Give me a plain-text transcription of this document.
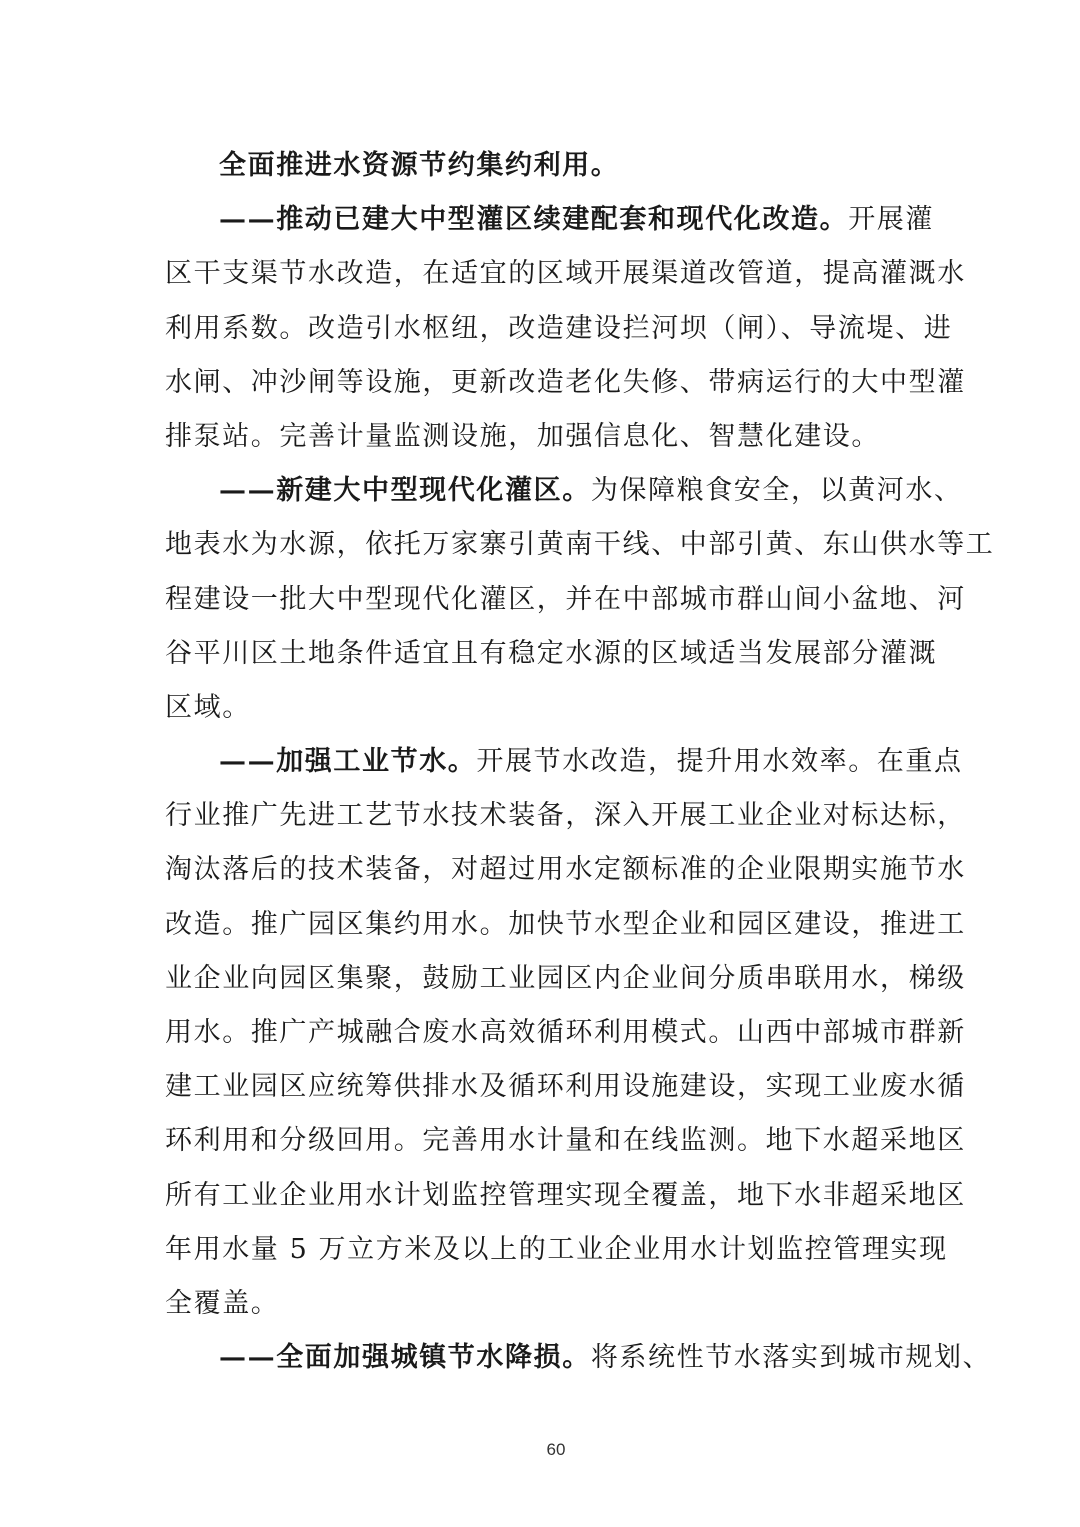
全面推进水资源节约集约利用。
——推动已建大中型灌区续建配套和现代化改造。开展灌
区干支渠节水改造，在适宜的区域开展渠道改管道，提高灌溉水
利用系数。改造引水枢纽，改造建设拦河坝（闸）、导流堤、进
水闸、冲沙闸等设施，更新改造老化失修、带病运行的大中型灌
排泵站。完善计量监测设施，加强信息化、智慧化建设。
——新建大中型现代化灌区。为保障粮食安全，以黄河水、
地表水为水源，依托万家寨引黄南干线、中部引黄、东山供水等工
程建设一批大中型现代化灌区，并在中部城市群山间小盆地、河
谷平川区土地条件适宜且有稳定水源的区域适当发展部分灌溉
区域。
——加强工业节水。开展节水改造，提升用水效率。在重点
行业推广先进工艺节水技术装备，深入开展工业企业对标达标，
淘汰落后的技术装备，对超过用水定额标准的企业限期实施节水
改造。推广园区集约用水。加快节水型企业和园区建设，推进工
业企业向园区集聚，鼓励工业园区内企业间分质串联用水，梯级
用水。推广产城融合废水高效循环利用模式。山西中部城市群新
建工业园区应统筹供排水及循环利用设施建设，实现工业废水循
环利用和分级回用。完善用水计量和在线监测。地下水超采地区
所有工业企业用水计划监控管理实现全覆盖，地下水非超采地区
年用水量 5 万立方米及以上的工业企业用水计划监控管理实现
全覆盖。
——全面加强城镇节水降损。将系统性节水落实到城市规划、
60
